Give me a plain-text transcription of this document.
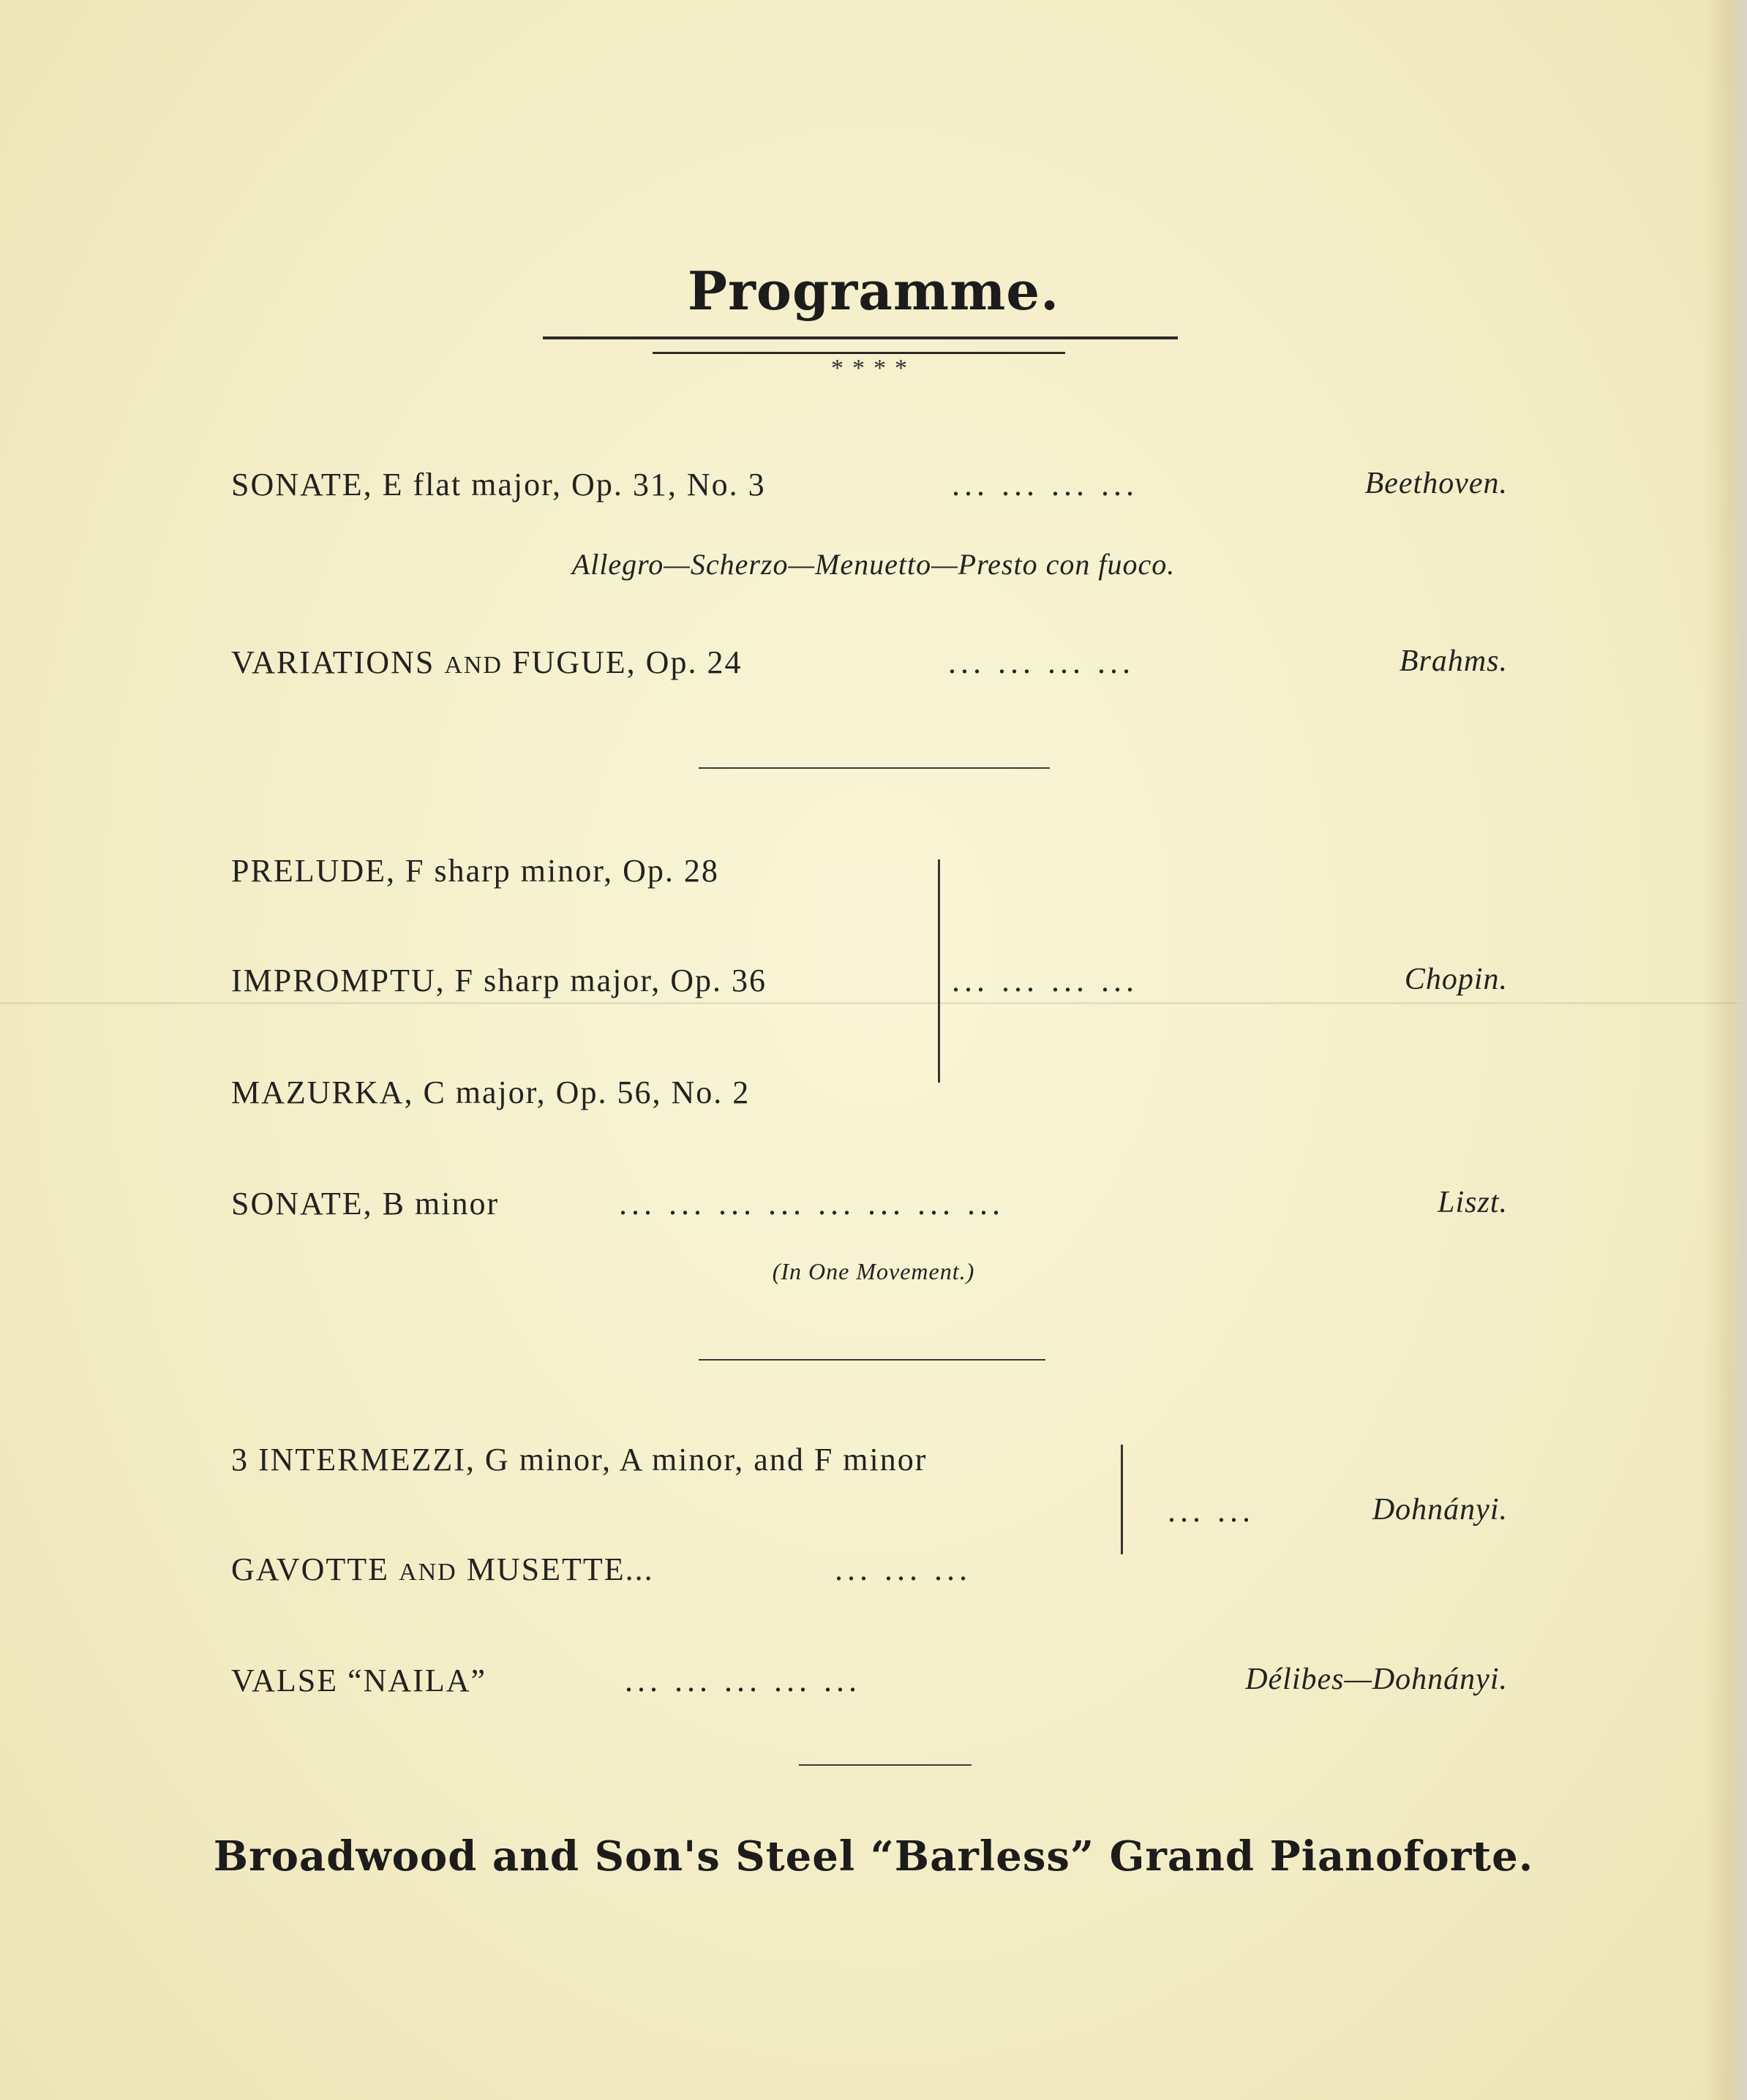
Programme.
****
SONATE, E flat major, Op. 31, No. 3	... ... ... ...	Beethoven.
Allegro—Scherzo—Menuetto—Presto con fuoco.
VARIATIONS AND FUGUE, Op. 24	... ... ... ...	Brahms.
PRELUDE, F sharp minor, Op. 28
IMPROMPTU, F sharp major, Op. 36	... ... ... ...	Chopin.
MAZURKA, C major, Op. 56, No. 2
SONATE, B minor	... ... ... ... ... ... ... ...	Liszt.
(In One Movement.)
3 INTERMEZZI, G minor, A minor, and F minor
... ...	Dohnányi.
GAVOTTE AND MUSETTE...	... ... ...
VALSE “NAILA”	... ... ... ... ...	Délibes—Dohnányi.
Broadwood and Son's Steel “Barless” Grand Pianoforte.
